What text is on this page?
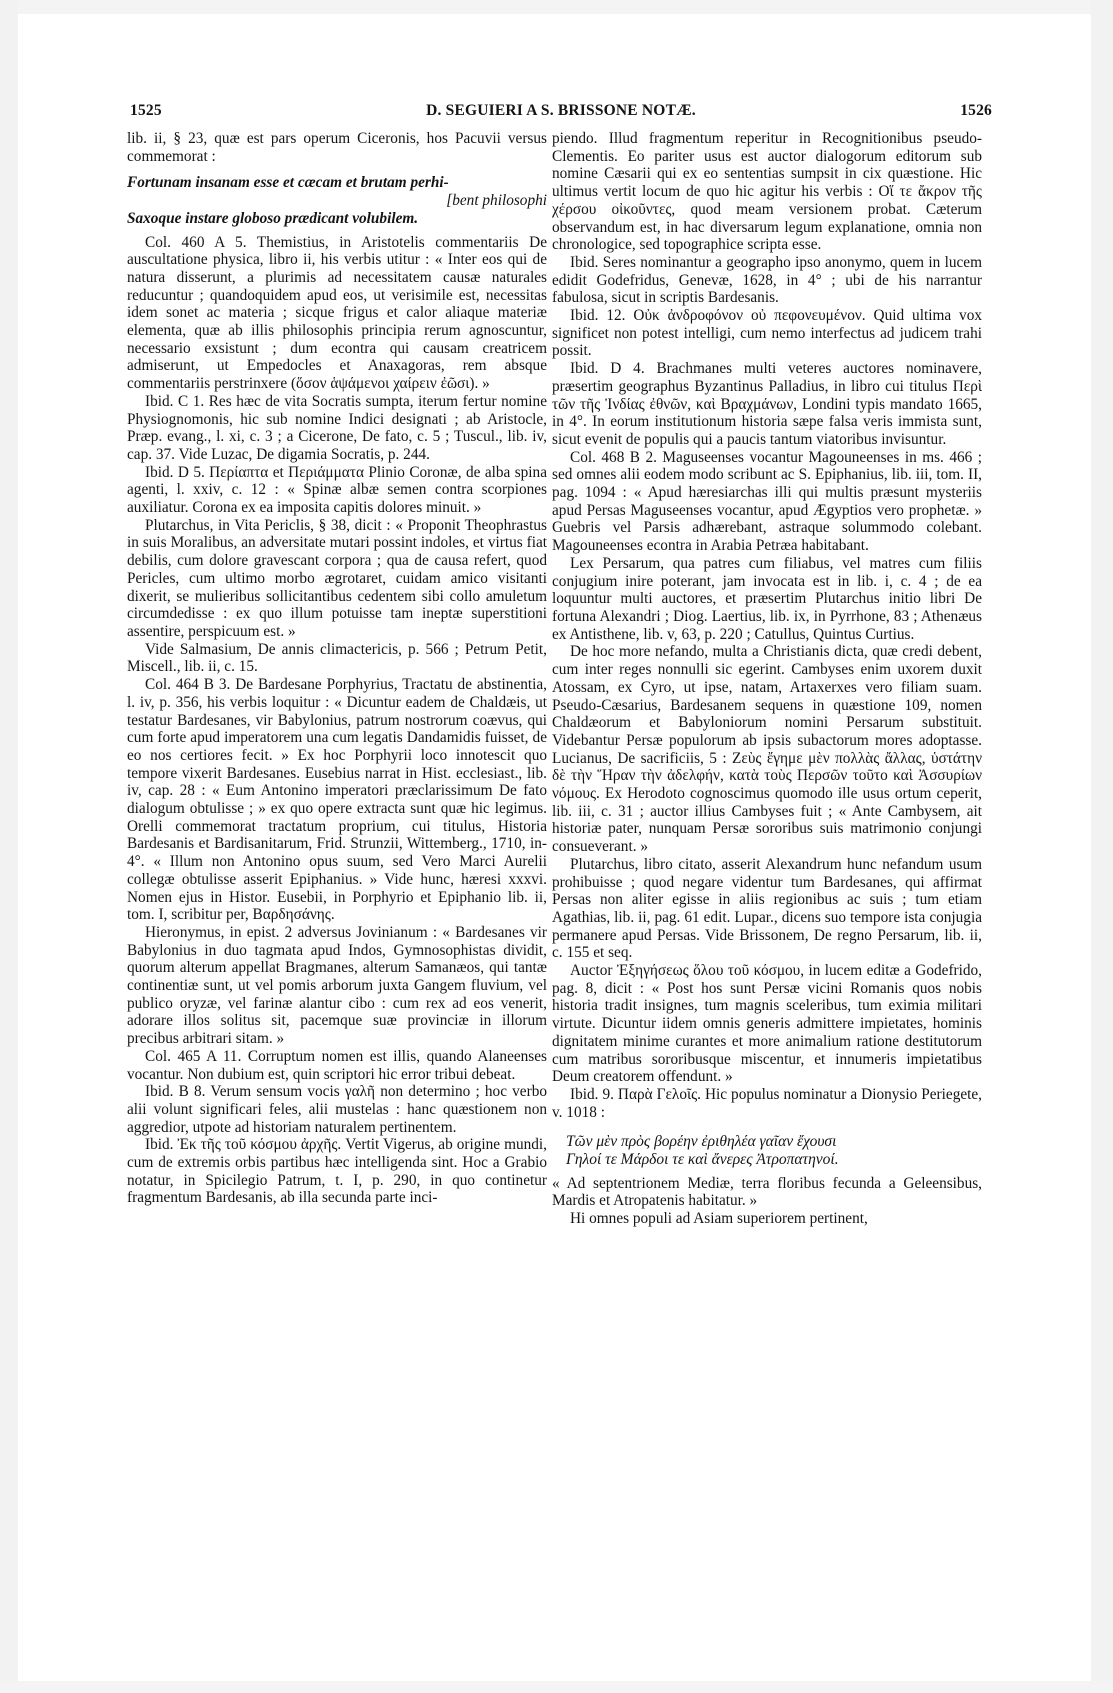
1525	D. SEGUIERI A S. BRISSONE NOTÆ.	1526

lib. ii, § 23, quæ est pars operum Ciceronis, hos Pacuvii versus commemorat :

Fortunam insanam esse et cæcam et brutam perhi-
[bent philosophi
Saxoque instare globoso prædicant volubilem.

Col. 460 A 5. Themistius, in Aristotelis commentariis De auscultatione physica, libro ii, his verbis utitur : « Inter eos qui de natura disserunt, a plurimis ad necessitatem causæ naturales reducuntur ; quandoquidem apud eos, ut verisimile est, necessitas idem sonet ac materia ; sicque frigus et calor aliaque materiæ elementa, quæ ab illis philosophis principia rerum agnoscuntur, necessario exsistunt ; dum econtra qui causam creatricem admiserunt, ut Empedocles et Anaxagoras, rem absque commentariis perstrinxere (ὅσον ἁψάμενοι χαίρειν ἐῶσι). »

Ibid. C 1. Res hæc de vita Socratis sumpta, iterum fertur nomine Physiognomonis, hic sub nomine Indici designati ; ab Aristocle, Præp. evang., l. xi, c. 3 ; a Cicerone, De fato, c. 5 ; Tuscul., lib. iv, cap. 37. Vide Luzac, De digamia Socratis, p. 244.

Ibid. D 5. Περίαπτα et Περιάμματα Plinio Coronæ, de alba spina agenti, l. xxiv, c. 12 : « Spinæ albæ semen contra scorpiones auxiliatur. Corona ex ea imposita capitis dolores minuit. »

Plutarchus, in Vita Periclis, § 38, dicit : « Proponit Theophrastus in suis Moralibus, an adversitate mutari possint indoles, et virtus fiat debilis, cum dolore gravescant corpora ; qua de causa refert, quod Pericles, cum ultimo morbo ægrotaret, cuidam amico visitanti dixerit, se mulieribus sollicitantibus cedentem sibi collo amuletum circumdedisse : ex quo illum potuisse tam ineptæ superstitioni assentire, perspicuum est. »

Vide Salmasium, De annis climactericis, p. 566 ; Petrum Petit, Miscell., lib. ii, c. 15.

Col. 464 B 3. De Bardesane Porphyrius, Tractatu de abstinentia, l. iv, p. 356, his verbis loquitur : « Dicuntur eadem de Chaldæis, ut testatur Bardesanes, vir Babylonius, patrum nostrorum coævus, qui cum forte apud imperatorem una cum legatis Dandamidis fuisset, de eo nos certiores fecit. » Ex hoc Porphyrii loco innotescit quo tempore vixerit Bardesanes. Eusebius narrat in Hist. ecclesiast., lib. iv, cap. 28 : « Eum Antonino imperatori præclarissimum De fato dialogum obtulisse ; » ex quo opere extracta sunt quæ hic legimus. Orelli commemorat tractatum proprium, cui titulus, Historia Bardesanis et Bardisanitarum, Frid. Strunzii, Wittemberg., 1710, in-4°. « Illum non Antonino opus suum, sed Vero Marci Aurelii collegæ obtulisse asserit Epiphanius. » Vide hunc, hæresi xxxvi. Nomen ejus in Histor. Eusebii, in Porphyrio et Epiphanio lib. ii, tom. I, scribitur per, Βαρδησάνης.

Hieronymus, in epist. 2 adversus Jovinianum : « Bardesanes vir Babylonius in duo tagmata apud Indos, Gymnosophistas dividit, quorum alterum appellat Bragmanes, alterum Samanæos, qui tantæ continentiæ sunt, ut vel pomis arborum juxta Gangem fluvium, vel publico oryzæ, vel farinæ alantur cibo : cum rex ad eos venerit, adorare illos solitus sit, pacemque suæ provinciæ in illorum precibus arbitrari sitam. »

Col. 465 A 11. Corruptum nomen est illis, quando Alaneenses vocantur. Non dubium est, quin scriptori hic error tribui debeat.

Ibid. B 8. Verum sensum vocis γαλῆ non determino ; hoc verbo alii volunt significari feles, alii mustelas : hanc quæstionem non aggredior, utpote ad historiam naturalem pertinentem.

Ibid. Ἐκ τῆς τοῦ κόσμου ἀρχῆς. Vertit Vigerus, ab origine mundi, cum de extremis orbis partibus hæc intelligenda sint. Hoc a Grabio notatur, in Spicilegio Patrum, t. I, p. 290, in quo continetur fragmentum Bardesanis, ab illa secunda parte inci-

piendo. Illud fragmentum reperitur in Recognitionibus pseudo-Clementis. Eo pariter usus est auctor dialogorum editorum sub nomine Cæsarii qui ex eo sententias sumpsit in cix quæstione. Hic ultimus vertit locum de quo hic agitur his verbis : Οἵ τε ἄκρον τῆς χέρσου οἰκοῦντες, quod meam versionem probat. Cæterum observandum est, in hac diversarum legum explanatione, omnia non chronologice, sed topographice scripta esse.

Ibid. Seres nominantur a geographo ipso anonymo, quem in lucem edidit Godefridus, Genevæ, 1628, in 4° ; ubi de his narrantur fabulosa, sicut in scriptis Bardesanis.

Ibid. 12. Οὐκ ἀνδροφόνον οὐ πεφονευμένον. Quid ultima vox significet non potest intelligi, cum nemo interfectus ad judicem trahi possit.

Ibid. D 4. Brachmanes multi veteres auctores nominavere, præsertim geographus Byzantinus Palladius, in libro cui titulus Περὶ τῶν τῆς Ἰνδίας ἐθνῶν, καὶ Βραχμάνων, Londini typis mandato 1665, in 4°. In eorum institutionum historia sæpe falsa veris immista sunt, sicut evenit de populis qui a paucis tantum viatoribus invisuntur.

Col. 468 B 2. Maguseenses vocantur Magouneenses in ms. 466 ; sed omnes alii eodem modo scribunt ac S. Epiphanius, lib. iii, tom. II, pag. 1094 : « Apud hæresiarchas illi qui multis præsunt mysteriis apud Persas Maguseenses vocantur, apud Ægyptios vero prophetæ. » Guebris vel Parsis adhærebant, astraque solummodo colebant. Magouneenses econtra in Arabia Petræa habitabant.

Lex Persarum, qua patres cum filiabus, vel matres cum filiis conjugium inire poterant, jam invocata est in lib. i, c. 4 ; de ea loquuntur multi auctores, et præsertim Plutarchus initio libri De fortuna Alexandri ; Diog. Laertius, lib. ix, in Pyrrhone, 83 ; Athenæus ex Antisthene, lib. v, 63, p. 220 ; Catullus, Quintus Curtius.

De hoc more nefando, multa a Christianis dicta, quæ credi debent, cum inter reges nonnulli sic egerint. Cambyses enim uxorem duxit Atossam, ex Cyro, ut ipse, natam, Artaxerxes vero filiam suam. Pseudo-Cæsarius, Bardesanem sequens in quæstione 109, nomen Chaldæorum et Babyloniorum nomini Persarum substituit. Videbantur Persæ populorum ab ipsis subactorum mores adoptasse. Lucianus, De sacrificiis, 5 : Ζεὺς ἔγημε μὲν πολλὰς ἄλλας, ὑστάτην δὲ τὴν Ἥραν τὴν ἀδελφήν, κατὰ τοὺς Περσῶν τοῦτο καὶ Ἀσσυρίων νόμους. Ex Herodoto cognoscimus quomodo ille usus ortum ceperit, lib. iii, c. 31 ; auctor illius Cambyses fuit ; « Ante Cambysem, ait historiæ pater, nunquam Persæ sororibus suis matrimonio conjungi consueverant. »

Plutarchus, libro citato, asserit Alexandrum hunc nefandum usum prohibuisse ; quod negare videntur tum Bardesanes, qui affirmat Persas non aliter egisse in aliis regionibus ac suis ; tum etiam Agathias, lib. ii, pag. 61 edit. Lupar., dicens suo tempore ista conjugia permanere apud Persas. Vide Brissonem, De regno Persarum, lib. ii, c. 155 et seq.

Auctor Ἐξηγήσεως ὅλου τοῦ κόσμου, in lucem editæ a Godefrido, pag. 8, dicit : « Post hos sunt Persæ vicini Romanis quos nobis historia tradit insignes, tum magnis sceleribus, tum eximia militari virtute. Dicuntur iidem omnis generis admittere impietates, hominis dignitatem minime curantes et more animalium ratione destitutorum cum matribus sororibusque miscentur, et innumeris impietatibus Deum creatorem offendunt. »

Ibid. 9. Παρὰ Γελοῖς. Hic populus nominatur a Dionysio Periegete, v. 1018 :

Τῶν μὲν πρὸς βορέην ἐριθηλέα γαῖαν ἔχουσι
Γηλοί τε Μάρδοι τε καὶ ἄνερες Ἀτροπατηνοί.

« Ad septentrionem Mediæ, terra floribus fecunda a Geleensibus, Mardis et Atropatenis habitatur. »

Hi omnes populi ad Asiam superiorem pertinent,
